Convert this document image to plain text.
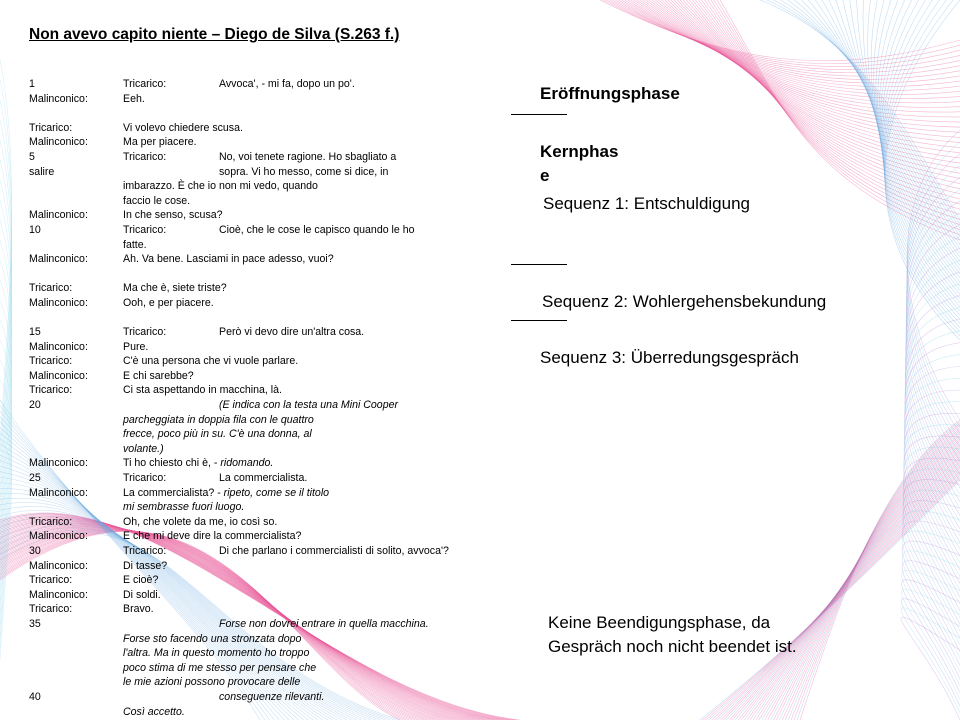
Non avevo capito niente – Diego de Silva (S.263 f.)
1	Tricarico:	Avvoca', - mi fa, dopo un po'.
Malinconico:	Eeh.
Tricarico:	Vi volevo chiedere scusa.
Malinconico:	Ma per piacere.
5	Tricarico:	No, voi tenete ragione. Ho sbagliato a
salire	sopra. Vi ho messo, come si dice, in
imbarazzo. È che io non mi vedo, quando
faccio le cose.
Malinconico:	In che senso, scusa?
10	Tricarico:	Cioè, che le cose le capisco quando le ho
fatte.
Malinconico:	Ah. Va bene. Lasciami in pace adesso, vuoi?
Tricarico:	Ma che è, siete triste?
Malinconico:	Ooh, e per piacere.
15	Tricarico:	Però vi devo dire un'altra cosa.
Malinconico:	Pure.
Tricarico:	C'è una persona che vi vuole parlare.
Malinconico:	E chi sarebbe?
Tricarico:	Ci sta aspettando in macchina, là.
20	(E indica con la testa una Mini Cooper
parcheggiata in doppia fila con le quattro
frecce, poco più in su. C'è una donna, al
volante.)
Malinconico:	Ti ho chiesto chi è, - ridomando.
25	Tricarico:	La commercialista.
Malinconico:	La commercialista? - ripeto, come se il titolo
mi sembrasse fuori luogo.
Tricarico:	Oh, che volete da me, io così so.
Malinconico:	E che mi deve dire la commercialista?
30	Tricarico:	Di che parlano i commercialisti di solito, avvoca'?
Malinconico:	Di tasse?
Tricarico:	E cioè?
Malinconico:	Di soldi.
Tricarico:	Bravo.
35	Forse non dovrei entrare in quella macchina.
Forse sto facendo una stronzata dopo
l'altra. Ma in questo momento ho troppo
poco stima di me stesso per pensare che
le mie azioni possono provocare delle
40	conseguenze rilevanti.
Così accetto.
Eröffnungsphase
Kernphas
e
Sequenz 1: Entschuldigung
Sequenz 2: Wohlergehensbekundung
Sequenz 3: Überredungsgespräch
Keine Beendigungsphase, da Gespräch noch nicht beendet ist.
